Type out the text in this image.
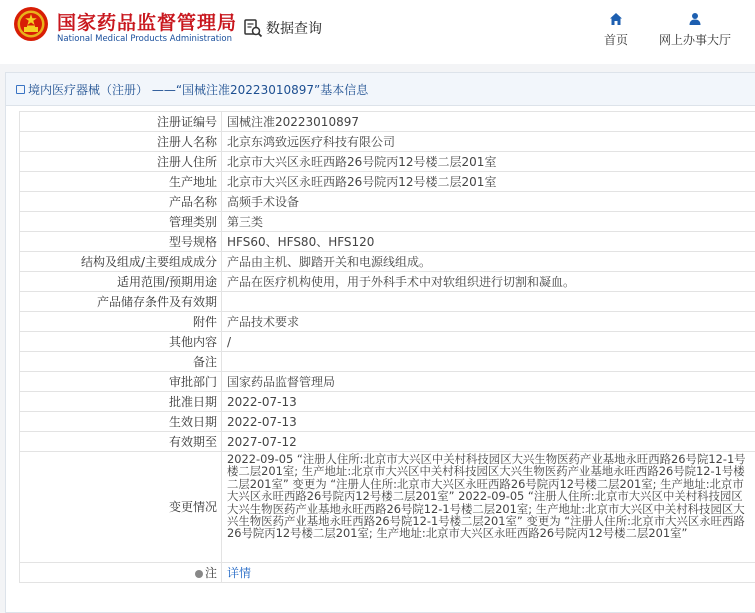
国家药品监督管理局
National Medical Products Administration
数据查询
首页	网上办事大厅
境内医疗器械（注册） ——“国械注准20223010897”基本信息
注册证编号	国械注准20223010897
注册人名称	北京东鸿致远医疗科技有限公司
注册人住所	北京市大兴区永旺西路26号院丙12号楼二层201室
生产地址	北京市大兴区永旺西路26号院丙12号楼二层201室
产品名称	高频手术设备
管理类别	第三类
型号规格	HFS60、HFS80、HFS120
结构及组成/主要组成成分	产品由主机、脚踏开关和电源线组成。
适用范围/预期用途	产品在医疗机构使用，用于外科手术中对软组织进行切割和凝血。
产品储存条件及有效期	
附件	产品技术要求
其他内容	/
备注	
审批部门	国家药品监督管理局
批准日期	2022-07-13
生效日期	2022-07-13
有效期至	2027-07-12
变更情况	2022-09-05 “注册人住所:北京市大兴区中关村科技园区大兴生物医药产业基地永旺西路26号院12-1号楼二层201室; 生产地址:北京市大兴区中关村科技园区大兴生物医药产业基地永旺西路26号院12-1号楼二层201室” 变更为 “注册人住所:北京市大兴区永旺西路26号院丙12号楼二层201室; 生产地址:北京市大兴区永旺西路26号院丙12号楼二层201室” 2022-09-05 “注册人住所:北京市大兴区中关村科技园区大兴生物医药产业基地永旺西路26号院12-1号楼二层201室; 生产地址:北京市大兴区中关村科技园区大兴生物医药产业基地永旺西路26号院12-1号楼二层201室” 变更为 “注册人住所:北京市大兴区永旺西路26号院丙12号楼二层201室; 生产地址:北京市大兴区永旺西路26号院丙12号楼二层201室”
注	详情
